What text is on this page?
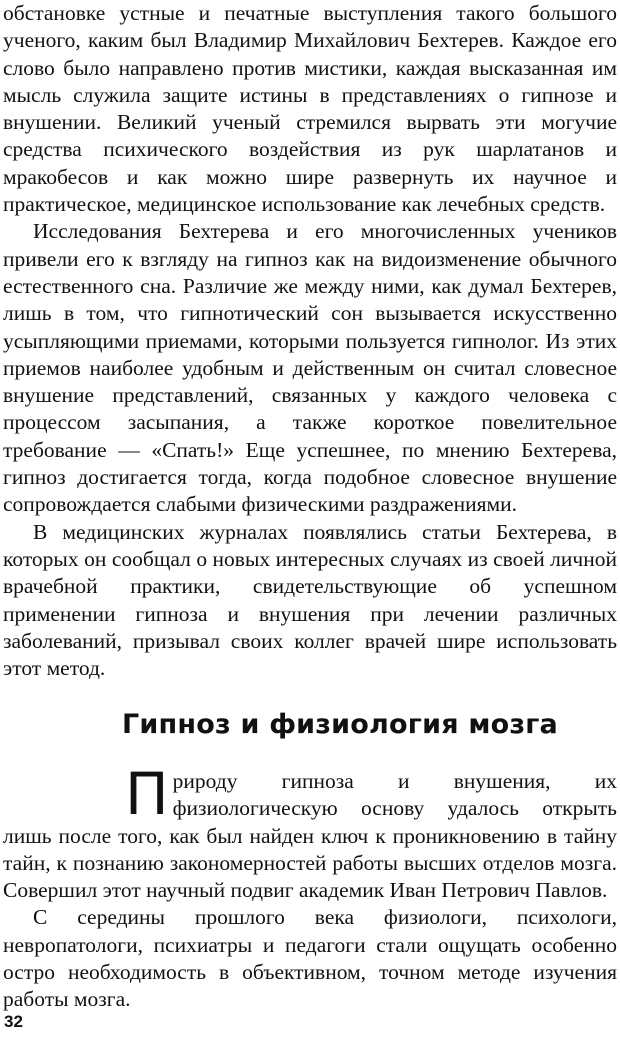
обстановке устные и печатные выступления такого большого ученого, каким был Владимир Михайлович Бехтерев. Каждое его слово было направлено против мистики, каждая высказанная им мысль служила защите истины в представлениях о гипнозе и внушении. Великий ученый стремился вырвать эти могучие средства психического воздействия из рук шарлатанов и мракобесов и как можно шире развернуть их научное и практическое, медицинское использование как лечебных средств.

Исследования Бехтерева и его многочисленных учеников привели его к взгляду на гипноз как на видоизменение обычного естественного сна. Различие же между ними, как думал Бехтерев, лишь в том, что гипнотический сон вызывается искусственно усыпляющими приемами, которыми пользуется гипнолог. Из этих приемов наиболее удобным и действенным он считал словесное внушение представлений, связанных у каждого человека с процессом засыпания, а также короткое повелительное требование — «Спать!» Еще успешнее, по мнению Бехтерева, гипноз достигается тогда, когда подобное словесное внушение сопровождается слабыми физическими раздражениями.

В медицинских журналах появлялись статьи Бехтерева, в которых он сообщал о новых интересных случаях из своей личной врачебной практики, свидетельствующие об успешном применении гипноза и внушения при лечении различных заболеваний, призывал своих коллег врачей шире использовать этот метод.

Гипноз и физиология мозга

Природу гипноза и внушения, их физиологическую основу удалось открыть лишь после того, как был найден ключ к проникновению в тайну тайн, к познанию закономерностей работы высших отделов мозга. Совершил этот научный подвиг академик Иван Петрович Павлов.

С середины прошлого века физиологи, психологи, невропатологи, психиатры и педагоги стали ощущать особенно остро необходимость в объективном, точном методе изучения работы мозга.

32
